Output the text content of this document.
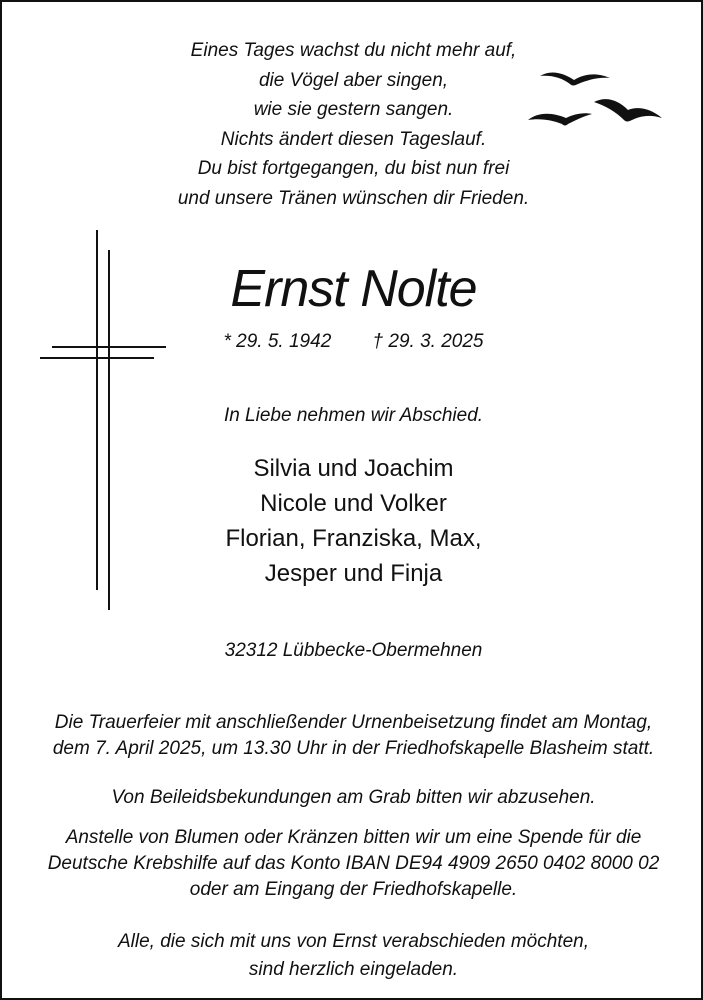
Eines Tages wachst du nicht mehr auf,
die Vögel aber singen,
wie sie gestern sangen.
Nichts ändert diesen Tageslauf.
Du bist fortgegangen, du bist nun frei
und unsere Tränen wünschen dir Frieden.
Ernst Nolte
* 29. 5. 1942 † 29. 3. 2025
In Liebe nehmen wir Abschied.
Silvia und Joachim
Nicole und Volker
Florian, Franziska, Max,
Jesper und Finja
32312 Lübbecke-Obermehnen
Die Trauerfeier mit anschließender Urnenbeisetzung findet am Montag,
dem 7. April 2025, um 13.30 Uhr in der Friedhofskapelle Blasheim statt.
Von Beileidsbekundungen am Grab bitten wir abzusehen.
Anstelle von Blumen oder Kränzen bitten wir um eine Spende für die
Deutsche Krebshilfe auf das Konto IBAN DE94 4909 2650 0402 8000 02
oder am Eingang der Friedhofskapelle.
Alle, die sich mit uns von Ernst verabschieden möchten,
sind herzlich eingeladen.
